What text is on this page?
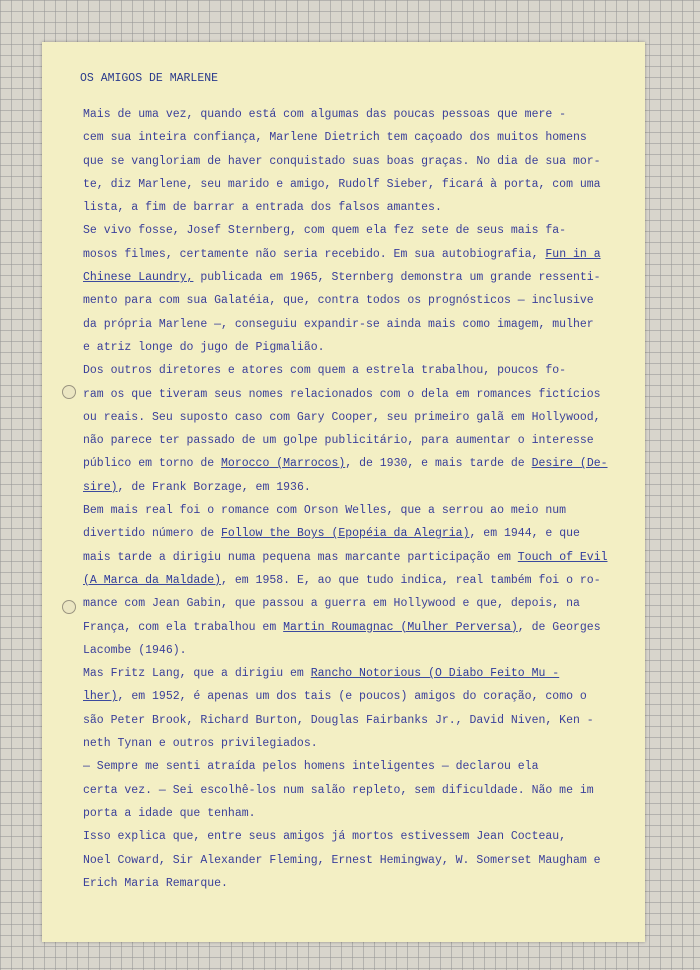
OS AMIGOS DE MARLENE
Mais de uma vez, quando está com algumas das poucas pessoas que mere -
cem sua inteira confiança, Marlene Dietrich tem caçoado dos muitos homens
que se vangloriam de haver conquistado suas boas graças. No dia de sua mor-
te, diz Marlene, seu marido e amigo, Rudolf Sieber, ficará à porta, com uma
lista, a fim de barrar a entrada dos falsos amantes.
Se vivo fosse, Josef Sternberg, com quem ela fez sete de seus mais fa-
mosos filmes, certamente não seria recebido. Em sua autobiografia, Fun in a
Chinese Laundry, publicada em 1965, Sternberg demonstra um grande ressenti-
mento para com sua Galatéia, que, contra todos os prognósticos — inclusive
da própria Marlene —, conseguiu expandir-se ainda mais como imagem, mulher
e atriz longe do jugo de Pigmalião.
Dos outros diretores e atores com quem a estrela trabalhou, poucos fo-
ram os que tiveram seus nomes relacionados com o dela em romances fictícios
ou reais. Seu suposto caso com Gary Cooper, seu primeiro galã em Hollywood,
não parece ter passado de um golpe publicitário, para aumentar o interesse
público em torno de Morocco (Marrocos), de 1930, e mais tarde de Desire (De-
sire), de Frank Borzage, em 1936.
Bem mais real foi o romance com Orson Welles, que a serrou ao meio num
divertido número de Follow the Boys (Epopéia da Alegria), em 1944, e que
mais tarde a dirigiu numa pequena mas marcante participação em Touch of Evil
(A Marca da Maldade), em 1958. E, ao que tudo indica, real também foi o ro-
mance com Jean Gabin, que passou a guerra em Hollywood e que, depois, na
França, com ela trabalhou em Martin Roumagnac (Mulher Perversa), de Georges
Lacombe (1946).
Mas Fritz Lang, que a dirigiu em Rancho Notorious (O Diabo Feito Mu -
lher), em 1952, é apenas um dos tais (e poucos) amigos do coração, como o
são Peter Brook, Richard Burton, Douglas Fairbanks Jr., David Niven, Ken -
neth Tynan e outros privilegiados.
— Sempre me senti atraída pelos homens inteligentes — declarou ela
certa vez. — Sei escolhê-los num salão repleto, sem dificuldade. Não me im
porta a idade que tenham.
Isso explica que, entre seus amigos já mortos estivessem Jean Cocteau,
Noel Coward, Sir Alexander Fleming, Ernest Hemingway, W. Somerset Maugham e
Erich Maria Remarque.
